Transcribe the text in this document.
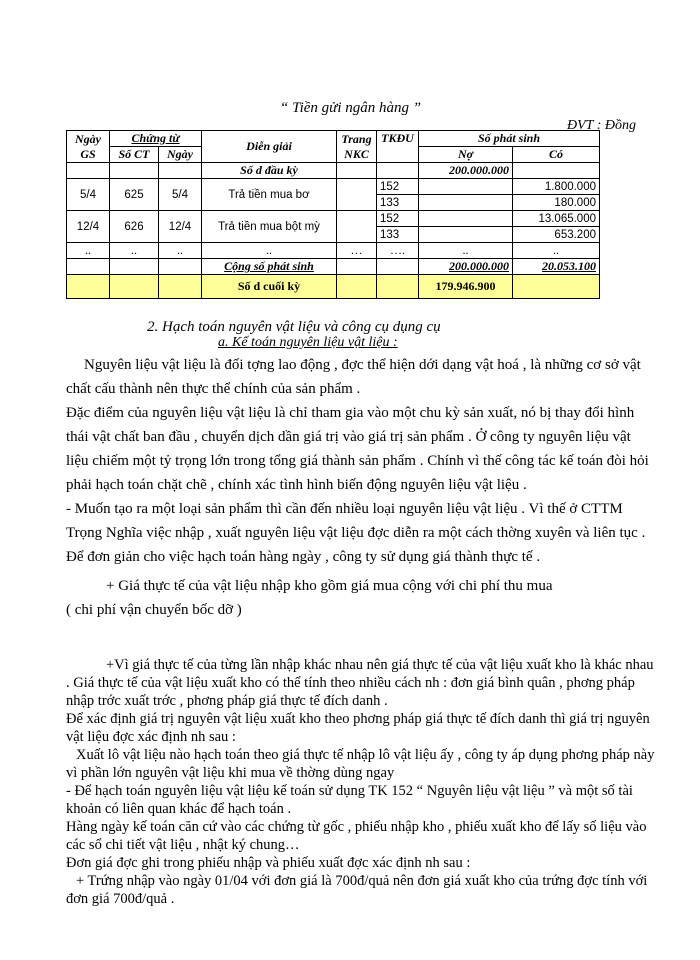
“ Tiền gửi ngân hàng ”
ĐVT : Đồng
Ngày GS	Chứng từ		Diễn giải	Trang NKC	TKĐU	Số phát sinh	
	Số CT	Ngày				Nợ	Có
			Số d đầu kỳ			200.000.000	
5/4	625	5/4	Trả tiền mua bơ		152		1.800.000
					133		180.000
12/4	626	12/4	Trả tiền mua bột mỳ		152		13.065.000
					133		653.200
..	..	..	..	…	….	..	..
			Cộng số phát sinh			200.000.000	20.053.100
			Số d cuối kỳ			179.946.900	
2. Hạch toán nguyên vật liệu và công cụ dụng cụ
a. Kế toán nguyên liệu vật liệu :

Nguyên liệu vật liệu là đối tợng lao động , đợc thể hiện dới dạng vật hoá , là những cơ sở vật chất cấu thành nên thực thể chính của sản phẩm .

Đặc điểm của nguyên liệu vật liệu là chỉ tham gia vào một chu kỳ sản xuất, nó bị thay đổi hình thái vật chất ban đầu , chuyển dịch dần giá trị vào giá trị sản phẩm . Ở công ty nguyên liệu vật liệu chiếm một tỷ trọng lớn trong tổng giá thành sản phẩm . Chính vì thế công tác kế toán đòi hỏi phải hạch toán chặt chẽ , chính xác tình hình biến động nguyên liệu vật liệu .

- Muốn tạo ra một loại sản phẩm thì cần đến nhiều loại nguyên liệu vật liệu . Vì thế ở CTTM Trọng Nghĩa việc nhập , xuất nguyên liệu vật liệu đợc diễn ra một cách thờng xuyên và liên tục . Để đơn giản cho việc hạch toán hàng ngày , công ty sử dụng giá thành thực tế .

+ Giá thực tế của vật liệu nhập kho gồm giá mua cộng với chi phí thu mua

( chi phí vận chuyển bốc dỡ )

+Vì giá thực tế của từng lần nhập khác nhau nên giá thực tế của vật liệu xuất kho là khác nhau . Giá thực tế của vật liệu xuất kho có thể tính theo nhiều cách nh : đơn giá bình quân , phơng pháp nhập trớc xuất trớc , phơng pháp giá thực tế đích danh .

Để xác định giá trị nguyên vật liệu xuất kho theo phơng pháp giá thực tế đích danh thì giá trị nguyên vật liệu đợc xác định nh sau :

Xuất lô vật liệu nào hạch toán theo giá thực tế nhập lô vật liệu ấy , công ty áp dụng phơng pháp này vì phần lớn nguyên vật liệu khi mua về thờng dùng ngay

- Để hạch toán nguyên liệu vật liệu kế toán sử dụng TK 152 “ Nguyên liệu vật liệu ” và một số tài khoản có liên quan khác để hạch toán .

Hàng ngày kế toán căn cứ vào các chứng từ gốc , phiếu nhập kho , phiếu xuất kho để lấy số liệu vào các sổ chi tiết vật liệu , nhật ký chung…

Đơn giá đợc ghi trong phiếu nhập và phiếu xuất đợc xác định nh sau :

+ Trứng nhập vào ngày 01/04 với đơn giá là 700đ/quả nên đơn giá xuất kho của trứng đợc tính với đơn giá 700đ/quả .
